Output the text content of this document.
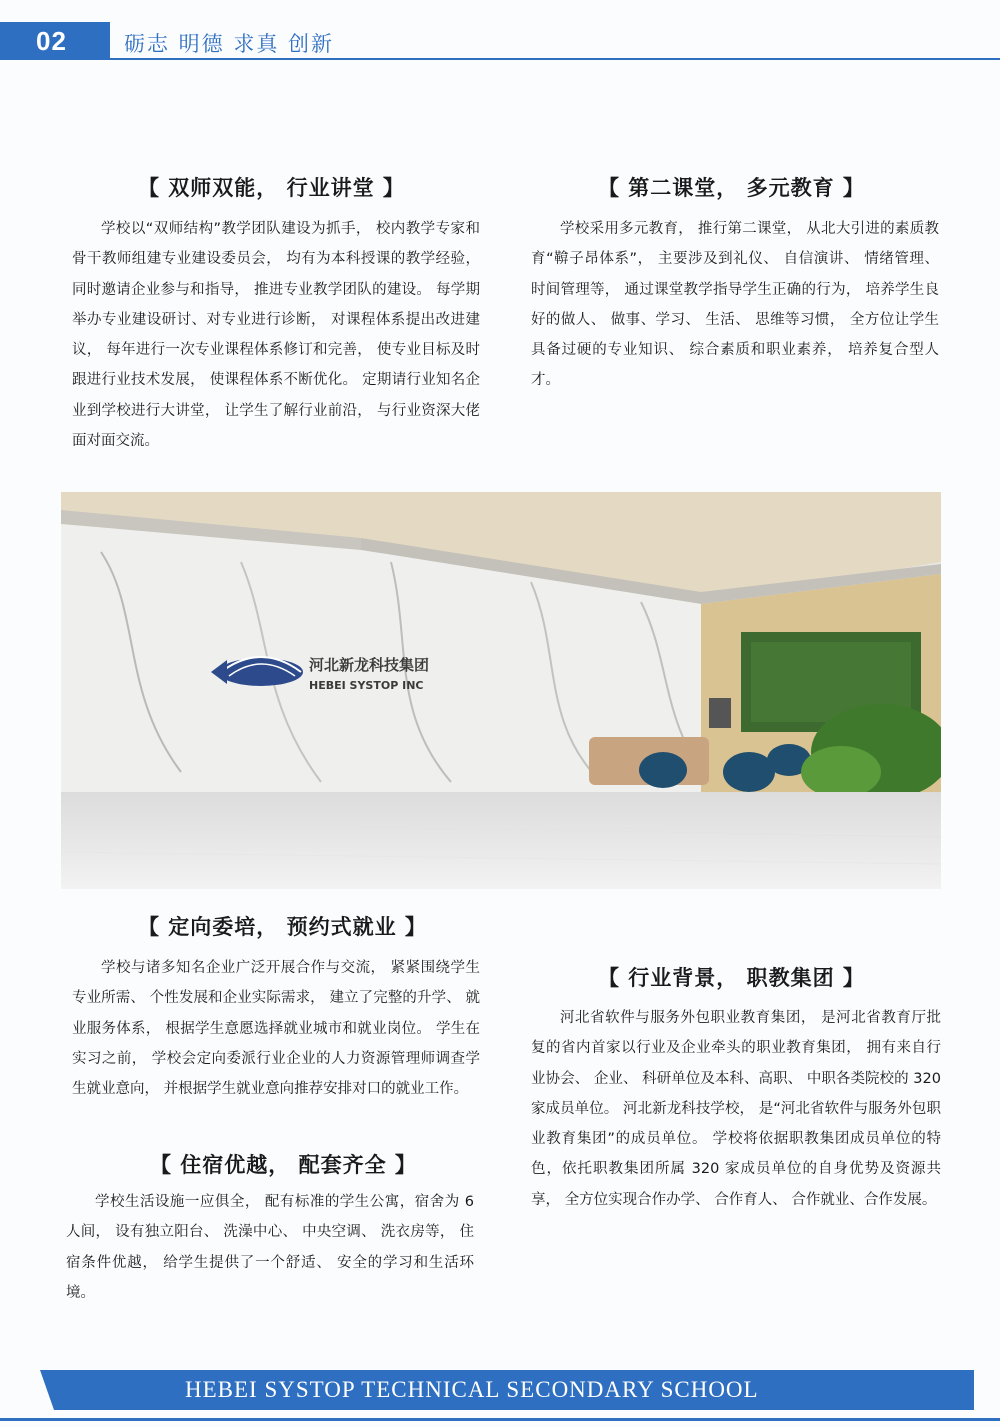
02	砺志 明德 求真 创新
【 双师双能， 行业讲堂 】

学校以“双师结构”教学团队建设为抓手， 校内教学专家和骨干教师组建专业建设委员会， 均有为本科授课的教学经验， 同时邀请企业参与和指导， 推进专业教学团队的建设。 每学期举办专业建设研讨、对专业进行诊断， 对课程体系提出改进建议， 每年进行一次专业课程体系修订和完善， 使专业目标及时跟进行业技术发展， 使课程体系不断优化。 定期请行业知名企业到学校进行大讲堂， 让学生了解行业前沿， 与行业资深大佬面对面交流。

【 第二课堂， 多元教育 】

学校采用多元教育， 推行第二课堂， 从北大引进的素质教育“鞥子昂体系”， 主要涉及到礼仪、 自信演讲、 情绪管理、 时间管理等， 通过课堂教学指导学生正确的行为， 培养学生良好的做人、 做事、学习、 生活、 思维等习惯， 全方位让学生具备过硬的专业知识、 综合素质和职业素养， 培养复合型人才。

河北新龙科技集团
HEBEI SYSTOP INC
【 定向委培， 预约式就业 】

学校与诸多知名企业广泛开展合作与交流， 紧紧围绕学生专业所需、 个性发展和企业实际需求， 建立了完整的升学、 就业服务体系， 根据学生意愿选择就业城市和就业岗位。 学生在实习之前， 学校会定向委派行业企业的人力资源管理师调查学生就业意向， 并根据学生就业意向推荐安排对口的就业工作。

【 住宿优越， 配套齐全 】

学校生活设施一应俱全， 配有标准的学生公寓，宿舍为 6 人间， 设有独立阳台、 洗澡中心、 中央空调、 洗衣房等， 住宿条件优越， 给学生提供了一个舒适、 安全的学习和生活环境。

【 行业背景， 职教集团 】

河北省软件与服务外包职业教育集团， 是河北省教育厅批复的省内首家以行业及企业牵头的职业教育集团， 拥有来自行业协会、 企业、 科研单位及本科、高职、 中职各类院校的 320 家成员单位。 河北新龙科技学校， 是“河北省软件与服务外包职业教育集团”的成员单位。 学校将依据职教集团成员单位的特色，依托职教集团所属 320 家成员单位的自身优势及资源共享， 全方位实现合作办学、 合作育人、 合作就业、合作发展。

HEBEI SYSTOP TECHNICAL SECONDARY SCHOOL
